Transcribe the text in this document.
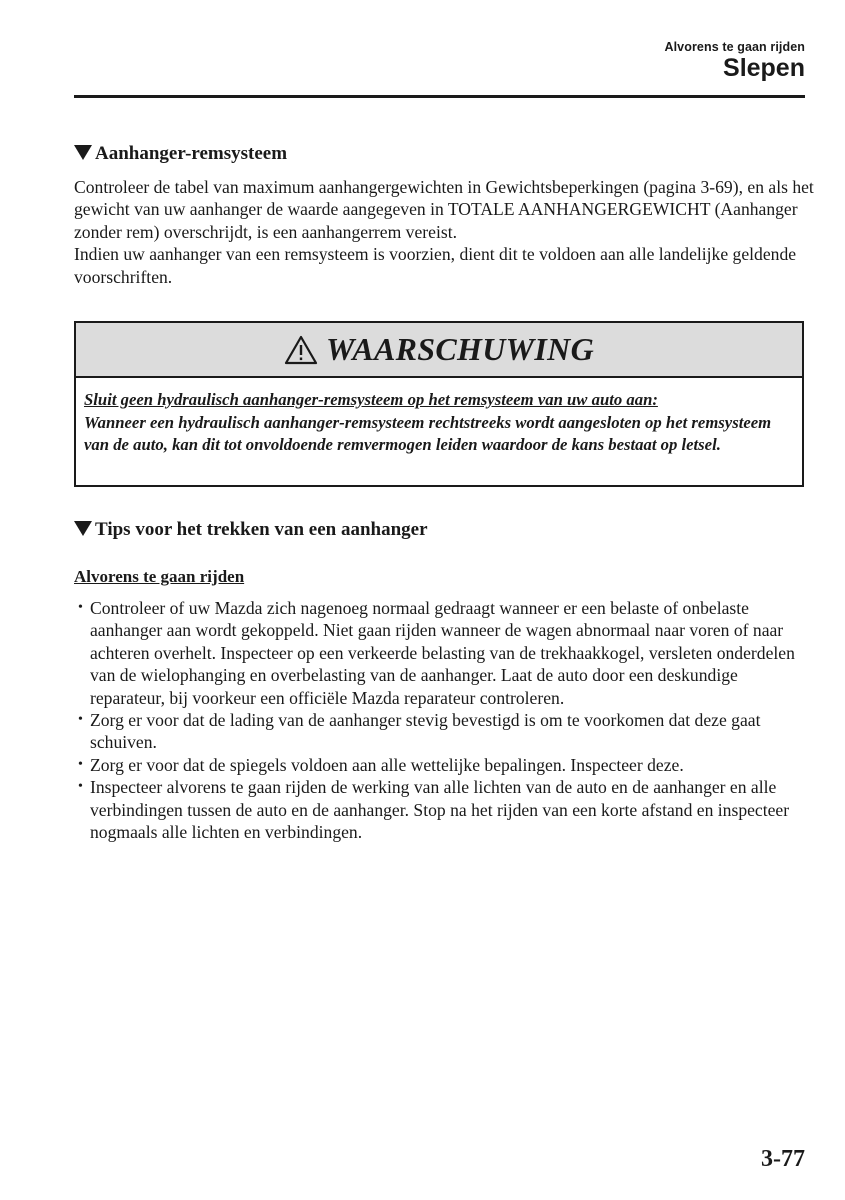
Alvorens te gaan rijden
Slepen
Aanhanger-remsysteem

Controleer de tabel van maximum aanhangergewichten in Gewichtsbeperkingen (pagina 3-69), en als het gewicht van uw aanhanger de waarde aangegeven in TOTALE AANHANGERGEWICHT (Aanhanger zonder rem) overschrijdt, is een aanhangerrem vereist.

Indien uw aanhanger van een remsysteem is voorzien, dient dit te voldoen aan alle landelijke geldende voorschriften.

WAARSCHUWING
Sluit geen hydraulisch aanhanger-remsysteem op het remsysteem van uw auto aan:
Wanneer een hydraulisch aanhanger-remsysteem rechtstreeks wordt aangesloten op het remsysteem van de auto, kan dit tot onvoldoende remvermogen leiden waardoor de kans bestaat op letsel.
Tips voor het trekken van een aanhanger
Alvorens te gaan rijden
• Controleer of uw Mazda zich nagenoeg normaal gedraagt wanneer er een belaste of onbelaste aanhanger aan wordt gekoppeld. Niet gaan rijden wanneer de wagen abnormaal naar voren of naar achteren overhelt. Inspecteer op een verkeerde belasting van de trekhaakkogel, versleten onderdelen van de wielophanging en overbelasting van de aanhanger. Laat de auto door een deskundige reparateur, bij voorkeur een officiële Mazda reparateur controleren.
• Zorg er voor dat de lading van de aanhanger stevig bevestigd is om te voorkomen dat deze gaat schuiven.
• Zorg er voor dat de spiegels voldoen aan alle wettelijke bepalingen. Inspecteer deze.
• Inspecteer alvorens te gaan rijden de werking van alle lichten van de auto en de aanhanger en alle verbindingen tussen de auto en de aanhanger. Stop na het rijden van een korte afstand en inspecteer nogmaals alle lichten en verbindingen.
3-77
